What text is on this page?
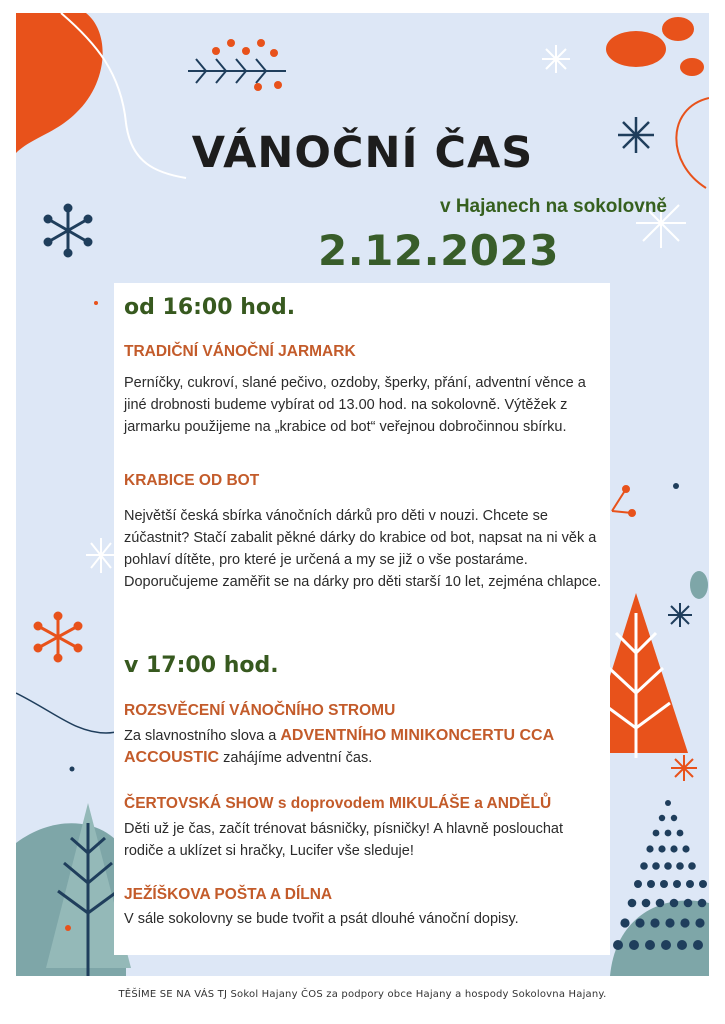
VÁNOČNÍ ČAS
v Hajanech na sokolovně
2.12.2023
od 16:00 hod.
TRADIČNÍ VÁNOČNÍ JARMARK

Perníčky, cukroví, slané pečivo, ozdoby, šperky, přání, adventní věnce a jiné drobnosti budeme vybírat od 13.00 hod. na sokolovně. Výtěžek z jarmarku použijeme na „krabice od bot“ veřejnou dobročinnou sbírku.

KRABICE OD BOT

Největší česká sbírka vánočních dárků pro děti v nouzi. Chcete se zúčastnit? Stačí zabalit pěkné dárky do krabice od bot, napsat na ni věk a pohlaví dítěte, pro které je určená a my se již o vše postaráme. Doporučujeme zaměřit se na dárky pro děti starší 10 let, zejména chlapce.

v 17:00 hod.
ROZSVĚCENÍ VÁNOČNÍHO STROMU

Za slavnostního slova a ADVENTNÍHO MINIKONCERTU CCA ACCOUSTIC zahájíme adventní čas.

ČERTOVSKÁ SHOW s doprovodem MIKULÁŠE a ANDĚLŮ

Děti už je čas, začít trénovat básničky, písničky! A hlavně poslouchat rodiče a uklízet si hračky, Lucifer vše sleduje!

JEŽÍŠKOVA POŠTA A DÍLNA

V sále sokolovny se bude tvořit a psát dlouhé vánoční dopisy.

TĚŠÍME SE NA VÁS TJ Sokol Hajany ČOS za podpory obce Hajany a hospody Sokolovna Hajany.
